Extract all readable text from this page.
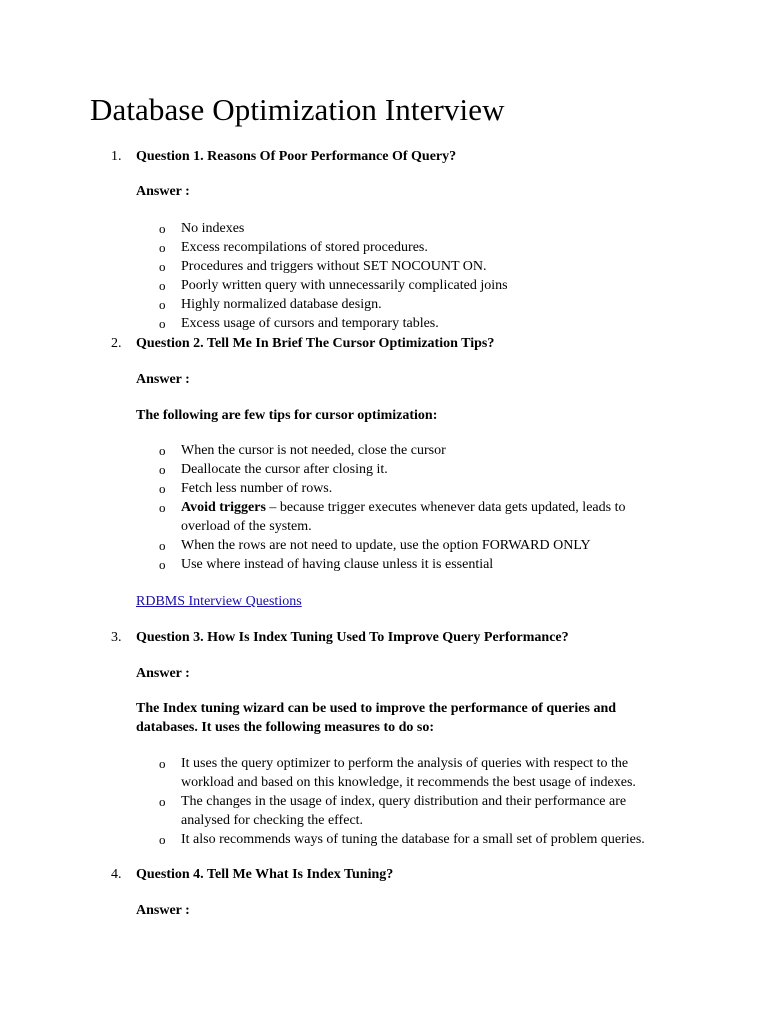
Database Optimization Interview
1. Question 1. Reasons Of Poor Performance Of Query?
Answer :
o No indexes
o Excess recompilations of stored procedures.
o Procedures and triggers without SET NOCOUNT ON.
o Poorly written query with unnecessarily complicated joins
o Highly normalized database design.
o Excess usage of cursors and temporary tables.
2. Question 2. Tell Me In Brief The Cursor Optimization Tips?
Answer :
The following are few tips for cursor optimization:
o When the cursor is not needed, close the cursor
o Deallocate the cursor after closing it.
o Fetch less number of rows.
o Avoid triggers – because trigger executes whenever data gets updated, leads to overload of the system.
o When the rows are not need to update, use the option FORWARD ONLY
o Use where instead of having clause unless it is essential
RDBMS Interview Questions
3. Question 3. How Is Index Tuning Used To Improve Query Performance?
Answer :
The Index tuning wizard can be used to improve the performance of queries and databases. It uses the following measures to do so:
o It uses the query optimizer to perform the analysis of queries with respect to the workload and based on this knowledge, it recommends the best usage of indexes.
o The changes in the usage of index, query distribution and their performance are analysed for checking the effect.
o It also recommends ways of tuning the database for a small set of problem queries.
4. Question 4. Tell Me What Is Index Tuning?
Answer :
